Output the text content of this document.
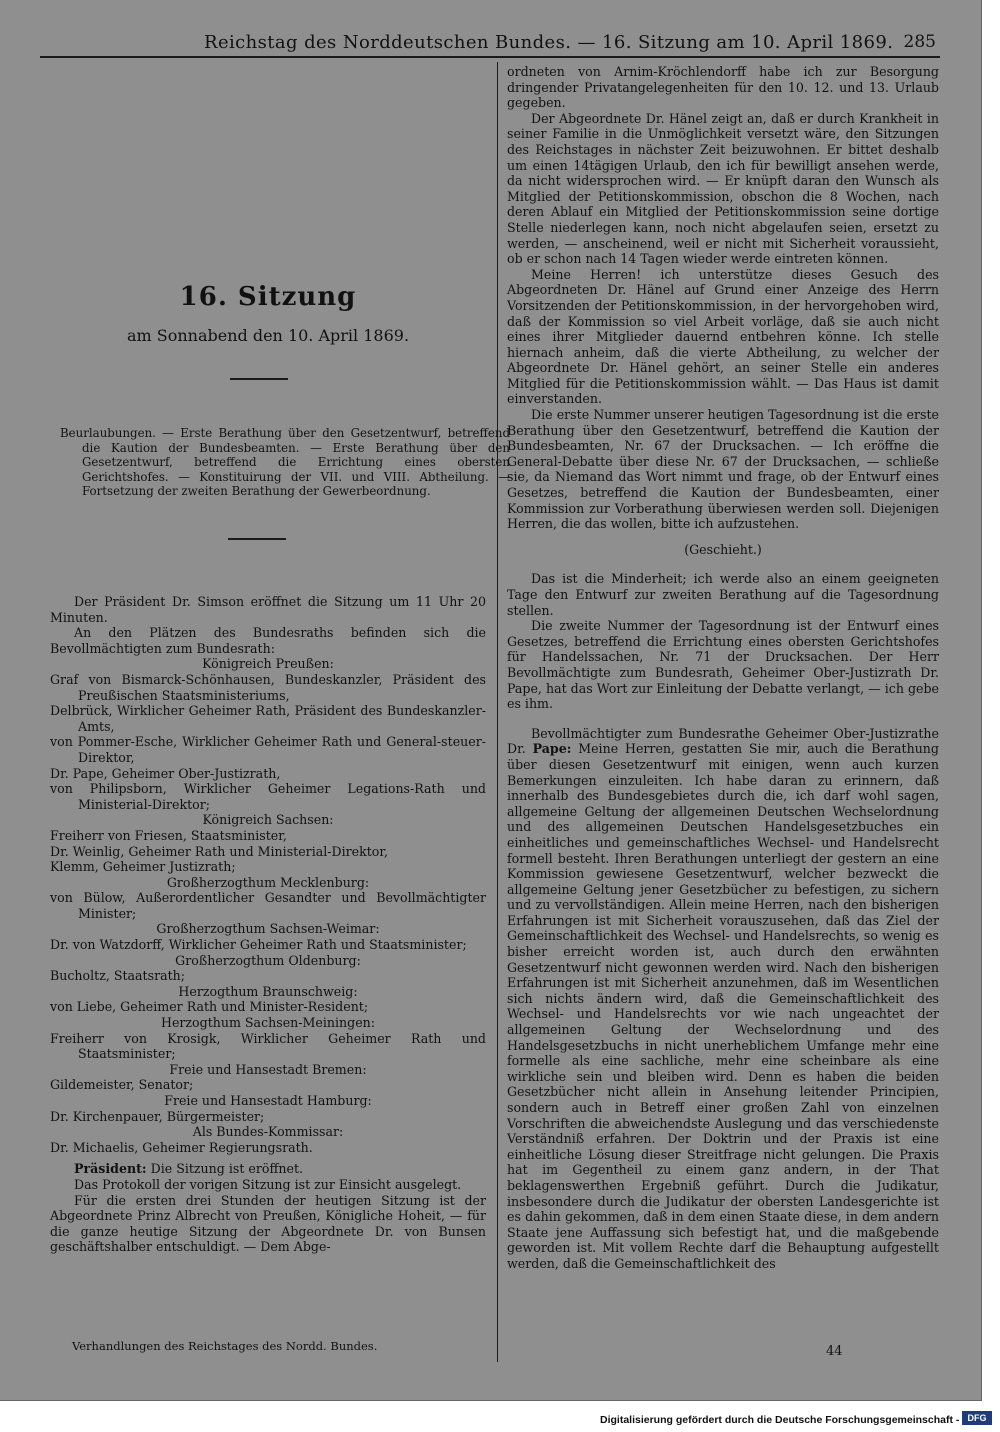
Reichstag des Norddeutschen Bundes. — 16. Sitzung am 10. April 1869. 285
16. Sitzung
am Sonnabend den 10. April 1869.
Beurlaubungen. — Erste Berathung über den Gesetzentwurf, betreffend die Kaution der Bundesbeamten. — Erste Berathung über den Gesetzentwurf, betreffend die Errichtung eines obersten Gerichtshofes. — Konstituirung der VII. und VIII. Abtheilung. — Fortsetzung der zweiten Berathung der Gewerbeordnung.

Der Präsident Dr. Simson eröffnet die Sitzung um 11 Uhr 20 Minuten.

An den Plätzen des Bundesraths befinden sich die Bevollmächtigten zum Bundesrath:

Königreich Preußen:
Graf von Bismarck-Schönhausen, Bundeskanzler, Präsident des Preußischen Staatsministeriums,
Delbrück, Wirklicher Geheimer Rath, Präsident des Bundeskanzler-Amts,
von Pommer-Esche, Wirklicher Geheimer Rath und General-steuer-Direktor,
Dr. Pape, Geheimer Ober-Justizrath,
von Philipsborn, Wirklicher Geheimer Legations-Rath und Ministerial-Direktor;
Königreich Sachsen:
Freiherr von Friesen, Staatsminister,
Dr. Weinlig, Geheimer Rath und Ministerial-Direktor,
Klemm, Geheimer Justizrath;
Großherzogthum Mecklenburg:
von Bülow, Außerordentlicher Gesandter und Bevollmächtigter Minister;
Großherzogthum Sachsen-Weimar:
Dr. von Watzdorff, Wirklicher Geheimer Rath und Staatsminister;
Großherzogthum Oldenburg:
Bucholtz, Staatsrath;
Herzogthum Braunschweig:
von Liebe, Geheimer Rath und Minister-Resident;
Herzogthum Sachsen-Meiningen:
Freiherr von Krosigk, Wirklicher Geheimer Rath und Staatsminister;
Freie und Hansestadt Bremen:
Gildemeister, Senator;
Freie und Hansestadt Hamburg:
Dr. Kirchenpauer, Bürgermeister;
Als Bundes-Kommissar:
Dr. Michaelis, Geheimer Regierungsrath.

Präsident: Die Sitzung ist eröffnet.

Das Protokoll der vorigen Sitzung ist zur Einsicht ausgelegt.

Für die ersten drei Stunden der heutigen Sitzung ist der Abgeordnete Prinz Albrecht von Preußen, Königliche Hoheit, — für die ganze heutige Sitzung der Abgeordnete Dr. von Bunsen geschäftshalber entschuldigt. — Dem Abge-

Verhandlungen des Reichstages des Nordd. Bundes.

ordneten von Arnim-Kröchlendorff habe ich zur Besorgung dringender Privatangelegenheiten für den 10. 12. und 13. Urlaub gegeben.

Der Abgeordnete Dr. Hänel zeigt an, daß er durch Krankheit in seiner Familie in die Unmöglichkeit versetzt wäre, den Sitzungen des Reichstages in nächster Zeit beizuwohnen. Er bittet deshalb um einen 14tägigen Urlaub, den ich für bewilligt ansehen werde, da nicht widersprochen wird. — Er knüpft daran den Wunsch als Mitglied der Petitionskommission, obschon die 8 Wochen, nach deren Ablauf ein Mitglied der Petitionskommission seine dortige Stelle niederlegen kann, noch nicht abgelaufen seien, ersetzt zu werden, — anscheinend, weil er nicht mit Sicherheit voraussieht, ob er schon nach 14 Tagen wieder werde eintreten können.

Meine Herren! ich unterstütze dieses Gesuch des Abgeordneten Dr. Hänel auf Grund einer Anzeige des Herrn Vorsitzenden der Petitionskommission, in der hervorgehoben wird, daß der Kommission so viel Arbeit vorläge, daß sie auch nicht eines ihrer Mitglieder dauernd entbehren könne. Ich stelle hiernach anheim, daß die vierte Abtheilung, zu welcher der Abgeordnete Dr. Hänel gehört, an seiner Stelle ein anderes Mitglied für die Petitionskommission wählt. — Das Haus ist damit einverstanden.

Die erste Nummer unserer heutigen Tagesordnung ist die erste Berathung über den Gesetzentwurf, betreffend die Kaution der Bundesbeamten, Nr. 67 der Drucksachen. — Ich eröffne die General-Debatte über diese Nr. 67 der Drucksachen, — schließe sie, da Niemand das Wort nimmt und frage, ob der Entwurf eines Gesetzes, betreffend die Kaution der Bundesbeamten, einer Kommission zur Vorberathung überwiesen werden soll. Diejenigen Herren, die das wollen, bitte ich aufzustehen.

(Geschieht.)

Das ist die Minderheit; ich werde also an einem geeigneten Tage den Entwurf zur zweiten Berathung auf die Tagesordnung stellen.

Die zweite Nummer der Tagesordnung ist der Entwurf eines Gesetzes, betreffend die Errichtung eines obersten Gerichtshofes für Handelssachen, Nr. 71 der Drucksachen. Der Herr Bevollmächtigte zum Bundesrath, Geheimer Ober-Justizrath Dr. Pape, hat das Wort zur Einleitung der Debatte verlangt, — ich gebe es ihm.

Bevollmächtigter zum Bundesrathe Geheimer Ober-Justizrathe Dr. Pape: Meine Herren, gestatten Sie mir, auch die Berathung über diesen Gesetzentwurf mit einigen, wenn auch kurzen Bemerkungen einzuleiten. Ich habe daran zu erinnern, daß innerhalb des Bundesgebietes durch die, ich darf wohl sagen, allgemeine Geltung der allgemeinen Deutschen Wechselordnung und des allgemeinen Deutschen Handelsgesetzbuches ein einheitliches und gemeinschaftliches Wechsel- und Handelsrecht formell besteht. Ihren Berathungen unterliegt der gestern an eine Kommission gewiesene Gesetzentwurf, welcher bezweckt die allgemeine Geltung jener Gesetzbücher zu befestigen, zu sichern und zu vervollständigen. Allein meine Herren, nach den bisherigen Erfahrungen ist mit Sicherheit vorauszusehen, daß das Ziel der Gemeinschaftlichkeit des Wechsel- und Handelsrechts, so wenig es bisher erreicht worden ist, auch durch den erwähnten Gesetzentwurf nicht gewonnen werden wird. Nach den bisherigen Erfahrungen ist mit Sicherheit anzunehmen, daß im Wesentlichen sich nichts ändern wird, daß die Gemeinschaftlichkeit des Wechsel- und Handelsrechts vor wie nach ungeachtet der allgemeinen Geltung der Wechselordnung und des Handelsgesetzbuchs in nicht unerheblichem Umfange mehr eine formelle als eine sachliche, mehr eine scheinbare als eine wirkliche sein und bleiben wird. Denn es haben die beiden Gesetzbücher nicht allein in Ansehung leitender Principien, sondern auch in Betreff einer großen Zahl von einzelnen Vorschriften die abweichendste Auslegung und das verschiedenste Verständniß erfahren. Der Doktrin und der Praxis ist eine einheitliche Lösung dieser Streitfrage nicht gelungen. Die Praxis hat im Gegentheil zu einem ganz andern, in der That beklagenswerthen Ergebniß geführt. Durch die Judikatur, insbesondere durch die Judikatur der obersten Landesgerichte ist es dahin gekommen, daß in dem einen Staate diese, in dem andern Staate jene Auffassung sich befestigt hat, und die maßgebende geworden ist. Mit vollem Rechte darf die Behauptung aufgestellt werden, daß die Gemeinschaftlichkeit des

44
Digitalisierung gefördert durch die Deutsche Forschungsgemeinschaft - DFG
